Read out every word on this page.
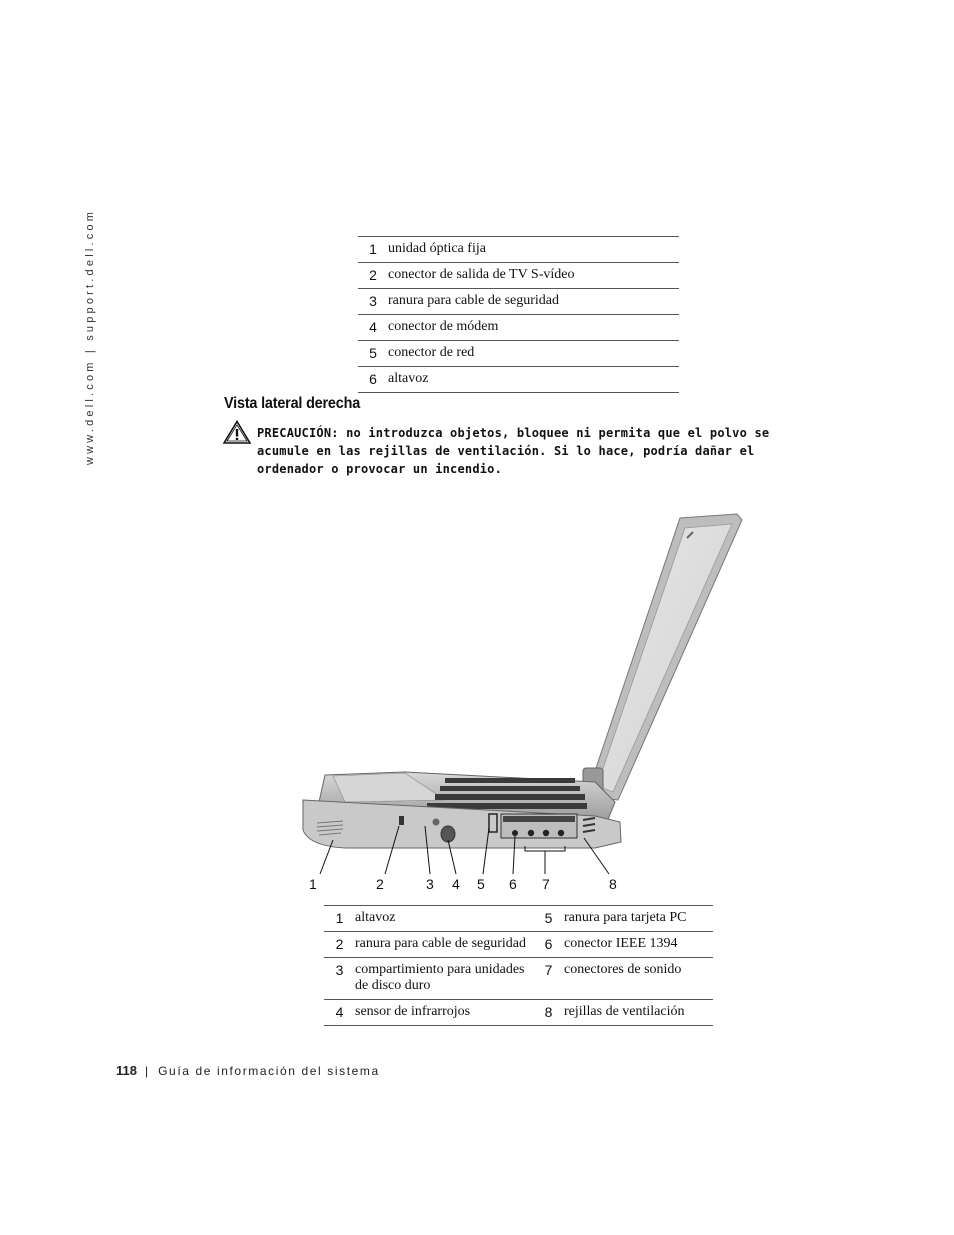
www.dell.com | support.dell.com	1	unidad óptica fija
2	conector de salida de TV S-vídeo
3	ranura para cable de seguridad
4	conector de módem
5	conector de red
6	altavoz
Vista lateral derecha
PRECAUCIÓN: no introduzca objetos, bloquee ni permita que el polvo se acumule en las rejillas de ventilación. Si lo hace, podría dañar el ordenador o provocar un incendio.
1	2	3 4 5 6 7	8
1	altavoz	5	ranura para tarjeta PC
2	ranura para cable de seguridad	6	conector IEEE 1394
3	compartimiento para unidades de disco duro	7	conectores de sonido
4	sensor de infrarrojos	8	rejillas de ventilación
118 | Guía de información del sistema
